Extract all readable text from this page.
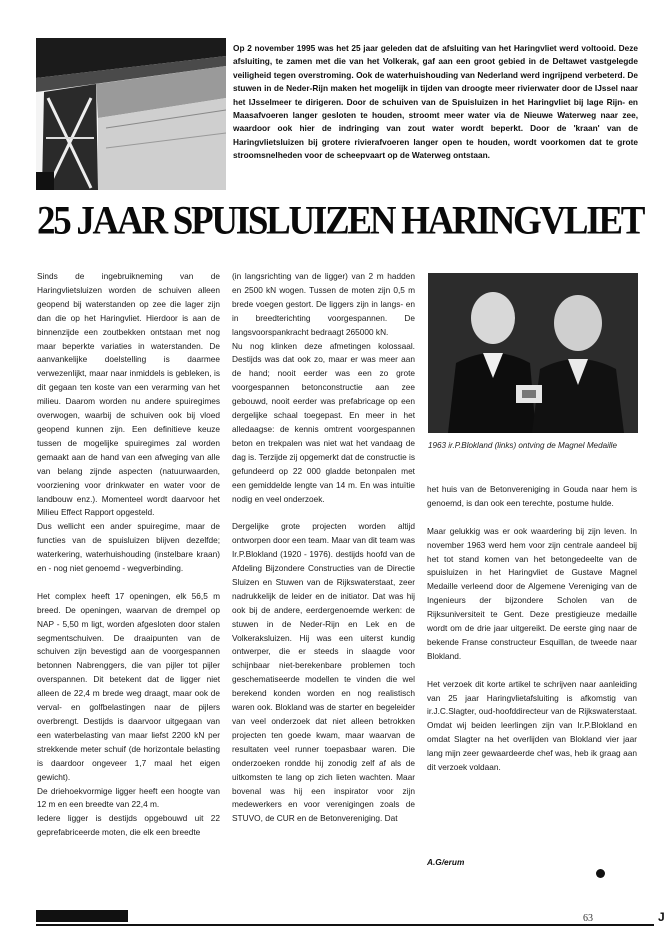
Op 2 november 1995 was het 25 jaar geleden dat de afsluiting van het Haringvliet werd voltooid. Deze afsluiting, te zamen met die van het Volkerak, gaf aan een groot gebied in de Deltawet vastgelegde veiligheid tegen overstroming. Ook de waterhuishouding van Nederland werd ingrijpend verbeterd. De stuwen in de Neder-Rijn maken het mogelijk in tijden van droogte meer rivierwater door de IJssel naar het IJsselmeer te dirigeren. Door de schuiven van de Spuisluizen in het Haringvliet bij lage Rijn- en Maasafvoeren langer gesloten te houden, stroomt meer water via de Nieuwe Waterweg naar zee, waardoor ook hier de indringing van zout water wordt beperkt. Door de 'kraan' van de Haringvlietsluizen bij grotere rivierafvoeren langer open te houden, wordt voorkomen dat te grote stroomsnelheden voor de scheepvaart op de Waterweg ontstaan.
25 JAAR SPUISLUIZEN HARINGVLIET

Sinds de ingebruikneming van de Haringvlietsluizen worden de schuiven alleen geopend bij waterstanden op zee die lager zijn dan die op het Haringvliet. Hierdoor is aan de binnenzijde een zoutbekken ontstaan met nog maar beperkte variaties in waterstanden. De aanvankelijke doelstelling is daarmee verwezenlijkt, maar naar inmiddels is gebleken, is dit gegaan ten koste van een verarming van het milieu. Daarom worden nu andere spuiregimes overwogen, waarbij de schuiven ook bij vloed geopend kunnen zijn. Een definitieve keuze tussen de mogelijke spuiregimes zal worden gemaakt aan de hand van een afweging van alle van belang zijnde aspecten (natuurwaarden, voorziening voor drinkwater en water voor de landbouw enz.). Momenteel wordt daarvoor het Milieu Effect Rapport opgesteld.

Dus wellicht een ander spuiregime, maar de functies van de spuisluizen blijven dezelfde; waterkering, waterhuishouding (instelbare kraan) en - nog niet genoemd - wegverbinding.

Het complex heeft 17 openingen, elk 56,5 m breed. De openingen, waarvan de drempel op NAP - 5,50 m ligt, worden afgesloten door stalen segmentschuiven. De draaipunten van de schuiven zijn bevestigd aan de voorgespannen betonnen Nabrenggers, die van pijler tot pijler overspannen. Dit betekent dat de ligger niet alleen de 22,4 m brede weg draagt, maar ook de verval- en golfbelastingen naar de pijlers overbrengt. Destijds is daarvoor uitgegaan van een waterbelasting van maar liefst 2200 kN per strekkende meter schuif (de horizontale belasting is daardoor ongeveer 1,7 maal het eigen gewicht).

De driehoekvormige ligger heeft een hoogte van 12 m en een breedte van 22,4 m.

Iedere ligger is destijds opgebouwd uit 22 geprefabriceerde moten, die elk een breedte

(in langsrichting van de ligger) van 2 m hadden en 2500 kN wogen. Tussen de moten zijn 0,5 m brede voegen gestort. De liggers zijn in langs- en in breedterichting voorgespannen. De langsvoorspankracht bedraagt 265000 kN.

Nu nog klinken deze afmetingen kolossaal. Destijds was dat ook zo, maar er was meer aan de hand; nooit eerder was een zo grote voorgespannen betonconstructie aan zee gebouwd, nooit eerder was prefabricage op een dergelijke schaal toegepast. En meer in het alledaagse: de kennis omtrent voorgespannen beton en trekpalen was niet wat het vandaag de dag is. Terzijde zij opgemerkt dat de constructie is gefundeerd op 22 000 gladde betonpalen met een gemiddelde lengte van 14 m. En was intuïtie nodig en veel onderzoek.

Dergelijke grote projecten worden altijd ontworpen door een team. Maar van dit team was Ir.P.Blokland (1920 - 1976). destijds hoofd van de Afdeling Bijzondere Constructies van de Directie Sluizen en Stuwen van de Rijkswaterstaat, zeer nadrukkelijk de leider en de initiator. Dat was hij ook bij de andere, eerdergenoemde werken: de stuwen in de Neder-Rijn en Lek en de Volkeraksluizen. Hij was een uiterst kundig ontwerper, die er steeds in slaagde voor schijnbaar niet-berekenbare problemen toch geschematiseerde modellen te vinden die wel berekend konden worden en nog realistisch waren ook. Blokland was de starter en begeleider van veel onderzoek dat niet alleen betrokken projecten ten goede kwam, maar waarvan de resultaten veel runner toepasbaar waren. Die onderzoeken rondde hij zonodig zelf af als de uitkomsten te lang op zich lieten wachten. Maar bovenal was hij een inspirator voor zijn medewerkers en voor verenigingen zoals de STUVO, de CUR en de Betonvereniging. Dat

1963 ir.P.Blokland (links) ontving de Magnel Medaille

het huis van de Betonvereniging in Gouda naar hem is genoemd, is dan ook een terechte, postume hulde.

Maar gelukkig was er ook waardering bij zijn leven. In november 1963 werd hem voor zijn centrale aandeel bij het tot stand komen van het betongedeelte van de spuisluizen in het Haringvliet de Gustave Magnel Medaille verleend door de Algemene Vereniging van de Ingenieurs der bijzondere Scholen van de Rijksuniversiteit te Gent. Deze prestigieuze medaille wordt om de drie jaar uitgereikt. De eerste ging naar de bekende Franse constructeur Esquillan, de tweede naar Blokland.

Het verzoek dit korte artikel te schrijven naar aanleiding van 25 jaar Haringvlietafsluiting is afkomstig van ir.J.C.Slagter, oud-hoofddirecteur van de Rijkswaterstaat. Omdat wij beiden leerlingen zijn van Ir.P.Blokland en omdat Slagter na het overlijden van Blokland vier jaar lang mijn zeer gewaardeerde chef was, heb ik graag aan dit verzoek voldaan.

A.G/erum
63	J
